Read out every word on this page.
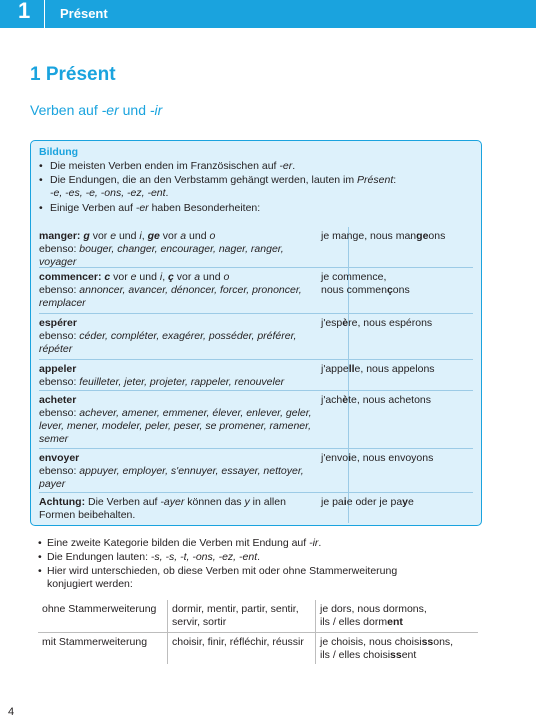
1 Présent
1 Présent
Verben auf -er und -ir
Bildung
• Die meisten Verben enden im Französischen auf -er.
• Die Endungen, die an den Verbstamm gehängt werden, lauten im Présent:
-e, -es, -e, -ons, -ez, -ent.
• Einige Verben auf -er haben Besonderheiten:
manger: g vor e und i, ge vor a und o
ebenso: bouger, changer, encourager, nager, ranger, voyager
je mange, nous mangeons
commencer: c vor e und i, ç vor a und o
ebenso: annoncer, avancer, dénoncer, forcer, prononcer, remplacer
je commence,
nous commençons
espérer
ebenso: céder, compléter, exagérer, posséder, préférer, répéter
j'espère, nous espérons
appeler
ebenso: feuilleter, jeter, projeter, rappeler, renouveler
j'appelle, nous appelons
acheter
ebenso: achever, amener, emmener, élever, enlever, geler, lever, mener, modeler, peler, peser, se promener, ramener, semer
j'achète, nous achetons
envoyer
ebenso: appuyer, employer, s'ennuyer, essayer, nettoyer, payer
j'envoie, nous envoyons
Achtung: Die Verben auf -ayer können das y in allen Formen beibehalten.
je paie oder je paye
• Eine zweite Kategorie bilden die Verben mit Endung auf -ir.
• Die Endungen lauten: -s, -s, -t, -ons, -ez, -ent.
• Hier wird unterschieden, ob diese Verben mit oder ohne Stammerweiterung konjugiert werden:
ohne Stammerweiterung dormir, mentir, partir, sentir, servir, sortir
je dors, nous dormons,
ils / elles dorment
mit Stammerweiterung choisir, finir, réfléchir, réussir	je choisis, nous choisissons,
ils / elles choisissent
4
